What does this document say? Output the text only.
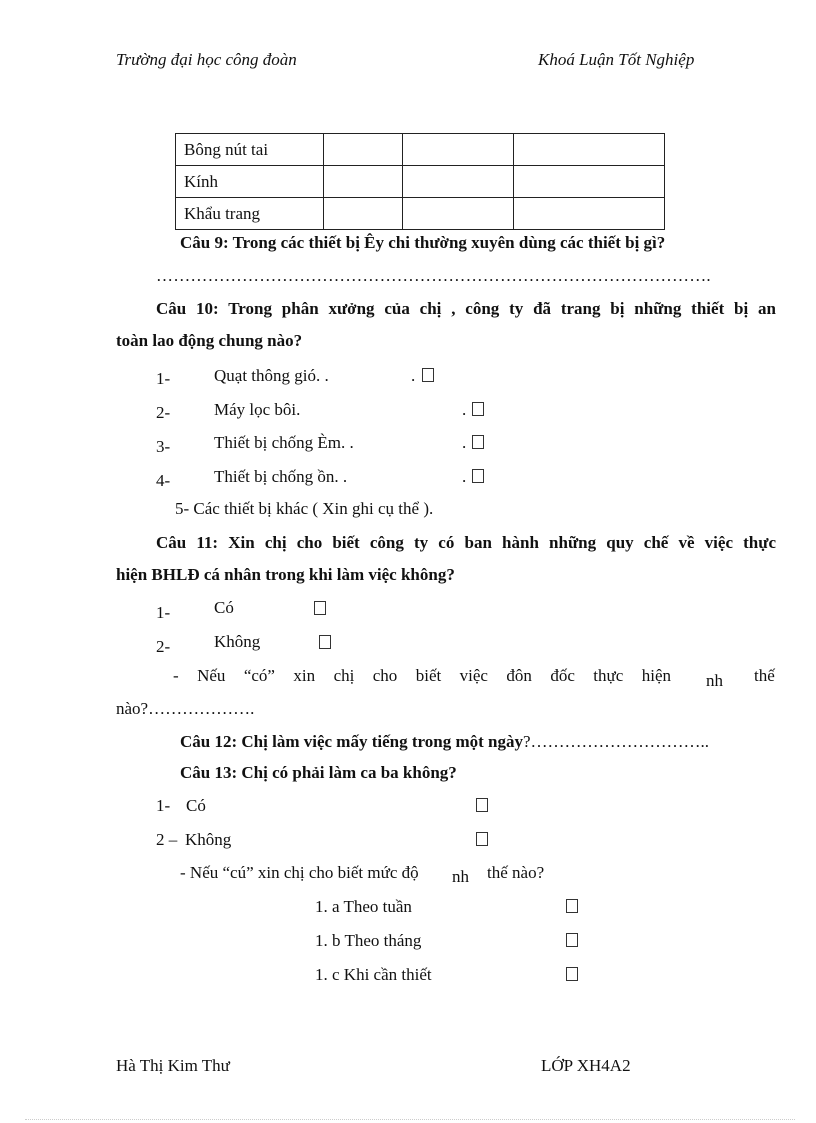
Trường đại học công đoàn	Khoá Luận Tốt Nghiệp
Bông nút tai			
Kính			
Khẩu trang			
Câu 9: Trong các thiết bị Êy chi thường xuyên dùng các thiết bị gì?
…………………………………………………………………………………….
Câu 10: Trong phân xưởng của chị , công ty đã trang bị những thiết bị an
toàn lao động chung nào?
1-	Quạt thông gió. .	.
2-	Máy lọc bôi.	.
3-	Thiết bị chống Èm. .	.
4-	Thiết bị chống ồn. .	.
5- Các thiết bị khác ( Xin ghi cụ thể ).
Câu 11: Xin chị cho biết công ty có ban hành những quy chế về việc thực
hiện BHLĐ cá nhân trong khi làm việc không?
1-	Có
2-	Không
- Nếu “có” xin chị cho biết việc đôn đốc thực hiện nh thế
nào?……………….
Câu 12: Chị làm việc mấy tiếng trong một ngày?…………………………..
Câu 13: Chị có phải làm ca ba không?
1- Có
2 – Không
- Nếu “cú” xin chị cho biết mức độ nh thế nào?
1. a Theo tuần
1. b Theo tháng
1. c Khi cần thiết
Hà Thị Kim Thư	LỚP XH4A2
